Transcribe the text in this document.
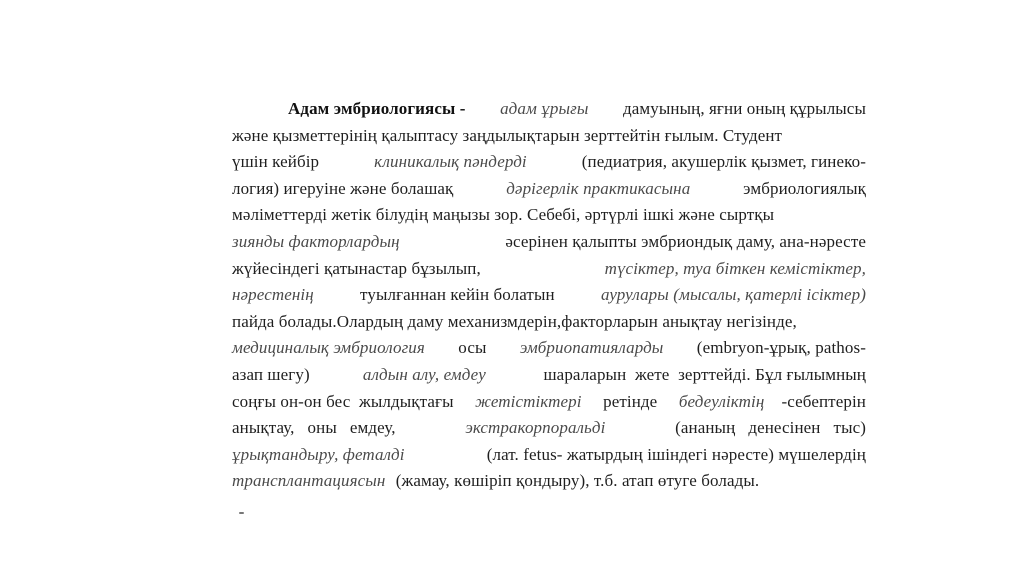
Адам эмбриологиясы - адам ұрығы дамуының, яғни оның құрылысы
және қызметтерінің қалыптасу заңдылықтарын зерттейтін ғылым. Студент
үшін кейбір	клиникалық пәндерді	(педиатрия, акушерлік қызмет, гинеко-
логия) игеруіне және болашақ	дәрігерлік практикасына	эмбриологиялық
мәліметтерді жетік білудің маңызы зор. Себебі, әртүрлі ішкі және сыртқы
зиянды факторлардың	әсерінен қалыпты эмбриондық даму, ана-нәресте
жүйесіндегі қатынастар бұзылып,	түсіктер, туа біткен кемістіктер,
нәрестенің туылғаннан кейін болатын аурулары (мысалы, қатерлі ісіктер)
пайда болады.Олардың даму механизмдерін,факторларын анықтау негізінде,
медициналық эмбриология осы эмбриопатияларды (embryon-ұрық, pathos-
азап шегу)	алдын алу, емдеу	шараларын  жете  зерттейді. Бұл ғылымның
соңғы он-он бес  жылдықтағы жетістіктері ретінде бедеуліктің -себептерін
анықтау,   оны   емдеу,	экстракорпоральді	(ананың   денесінен   тыс)
ұрықтандыру, феталді	(лат. fetus- жатырдың ішіндегі нәресте) мүшелердің
трансплантациясын (жамау, көшіріп қондыру), т.б. атап өтуге болады.
